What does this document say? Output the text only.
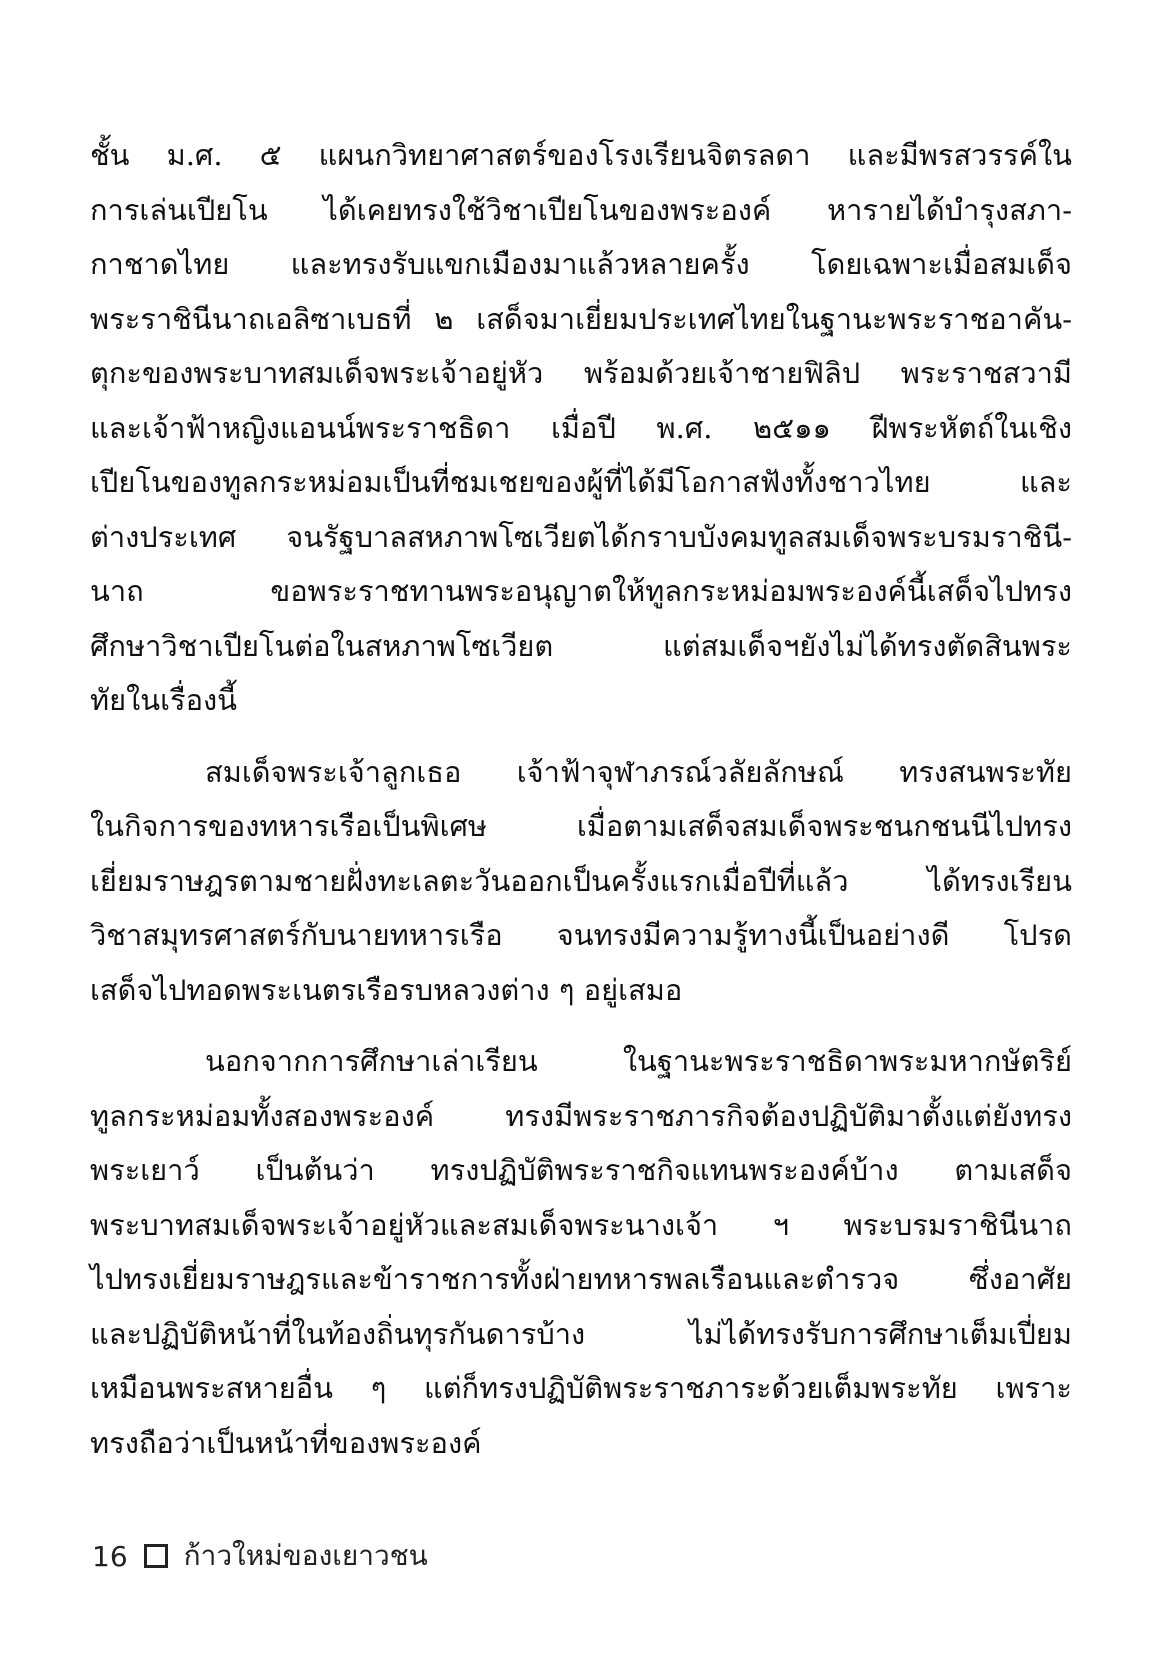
ชั้น ม.ศ. ๕ แผนกวิทยาศาสตร์ของโรงเรียนจิตรลดา และมีพรสวรรค์ใน
การเล่นเปียโน ได้เคยทรงใช้วิชาเปียโนของพระองค์ หารายได้บำรุงสภา-
กาชาดไทย และทรงรับแขกเมืองมาแล้วหลายครั้ง โดยเฉพาะเมื่อสมเด็จ
พระราชินีนาถเอลิซาเบธที่ ๒ เสด็จมาเยี่ยมประเทศไทยในฐานะพระราชอาคัน-
ตุกะของพระบาทสมเด็จพระเจ้าอยู่หัว พร้อมด้วยเจ้าชายฟิลิป พระราชสวามี
และเจ้าฟ้าหญิงแอนน์พระราชธิดา เมื่อปี พ.ศ. ๒๕๑๑ ฝีพระหัตถ์ในเชิง
เปียโนของทูลกระหม่อมเป็นที่ชมเชยของผู้ที่ได้มีโอกาสฟังทั้งชาวไทย และ
ต่างประเทศ จนรัฐบาลสหภาพโซเวียตได้กราบบังคมทูลสมเด็จพระบรมราชินี-
นาถ ขอพระราชทานพระอนุญาตให้ทูลกระหม่อมพระองค์นี้เสด็จไปทรง
ศึกษาวิชาเปียโนต่อในสหภาพโซเวียต แต่สมเด็จฯยังไม่ได้ทรงตัดสินพระ
ทัยในเรื่องนี้
สมเด็จพระเจ้าลูกเธอ เจ้าฟ้าจุฬาภรณ์วลัยลักษณ์ ทรงสนพระทัย
ในกิจการของทหารเรือเป็นพิเศษ เมื่อตามเสด็จสมเด็จพระชนกชนนีไปทรง
เยี่ยมราษฎรตามชายฝั่งทะเลตะวันออกเป็นครั้งแรกเมื่อปีที่แล้ว ได้ทรงเรียน
วิชาสมุทรศาสตร์กับนายทหารเรือ จนทรงมีความรู้ทางนี้เป็นอย่างดี โปรด
เสด็จไปทอดพระเนตรเรือรบหลวงต่าง ๆ อยู่เสมอ
นอกจากการศึกษาเล่าเรียน ในฐานะพระราชธิดาพระมหากษัตริย์
ทูลกระหม่อมทั้งสองพระองค์ ทรงมีพระราชภารกิจต้องปฏิบัติมาตั้งแต่ยังทรง
พระเยาว์ เป็นต้นว่า ทรงปฏิบัติพระราชกิจแทนพระองค์บ้าง ตามเสด็จ
พระบาทสมเด็จพระเจ้าอยู่หัวและสมเด็จพระนางเจ้า ฯ พระบรมราชินีนาถ
ไปทรงเยี่ยมราษฎรและข้าราชการทั้งฝ่ายทหารพลเรือนและตำรวจ ซึ่งอาศัย
และปฏิบัติหน้าที่ในท้องถิ่นทุรกันดารบ้าง ไม่ได้ทรงรับการศึกษาเต็มเปี่ยม
เหมือนพระสหายอื่น ๆ แต่ก็ทรงปฏิบัติพระราชภาระด้วยเต็มพระทัย เพราะ
ทรงถือว่าเป็นหน้าที่ของพระองค์
16 ก้าวใหม่ของเยาวชน
